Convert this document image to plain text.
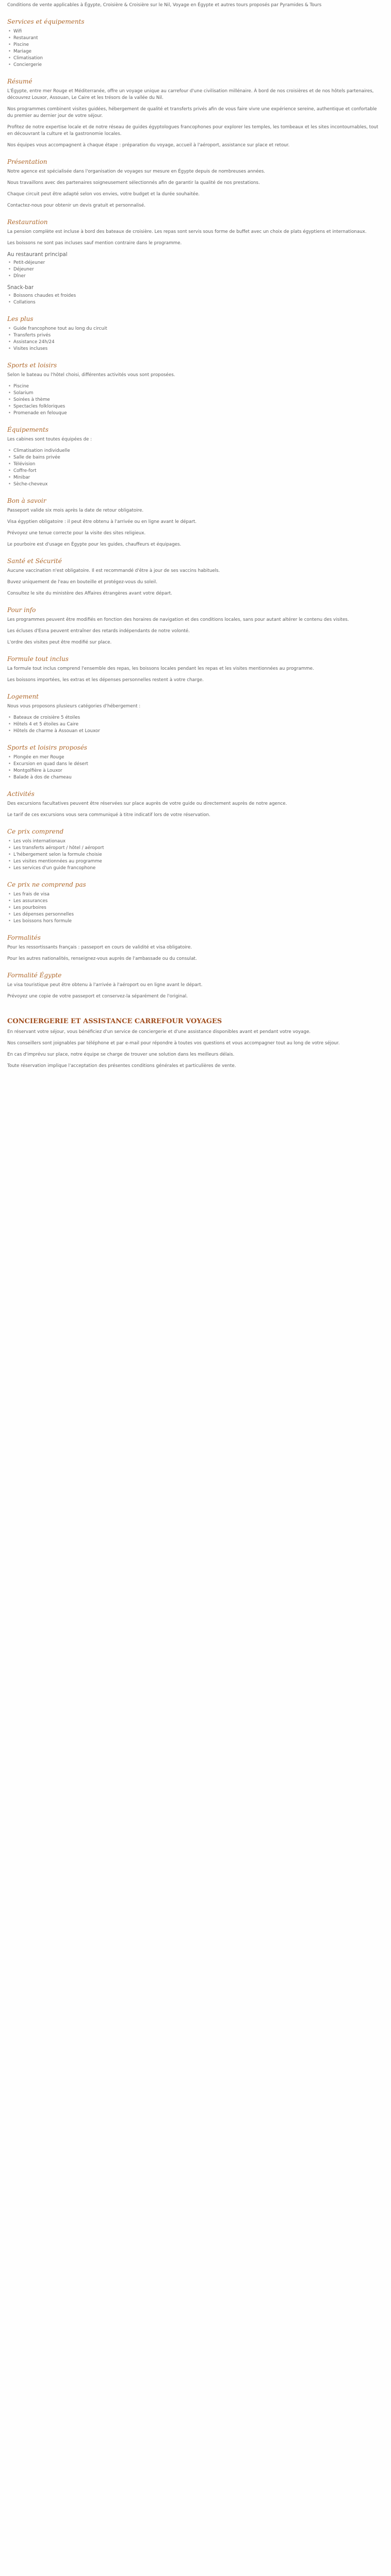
Conditions de vente applicables à Égypte, Croisière & Croisière sur le Nil, Voyage en Égypte et autres tours proposés par Pyramides & Tours

Services et équipements
• Wifi
• Restaurant
• Piscine
• Mariage
• Climatisation
• Conciergerie
Résumé

L'Égypte, entre mer Rouge et Méditerranée, offre un voyage unique au carrefour d'une civilisation millénaire. À bord de nos croisières et de nos hôtels partenaires, découvrez Louxor, Assouan, Le Caire et les trésors de la vallée du Nil.

Nos programmes combinent visites guidées, hébergement de qualité et transferts privés afin de vous faire vivre une expérience sereine, authentique et confortable du premier au dernier jour de votre séjour.

Profitez de notre expertise locale et de notre réseau de guides égyptologues francophones pour explorer les temples, les tombeaux et les sites incontournables, tout en découvrant la culture et la gastronomie locales.

Nos équipes vous accompagnent à chaque étape : préparation du voyage, accueil à l'aéroport, assistance sur place et retour.

Présentation

Notre agence est spécialisée dans l'organisation de voyages sur mesure en Égypte depuis de nombreuses années.

Nous travaillons avec des partenaires soigneusement sélectionnés afin de garantir la qualité de nos prestations.

Chaque circuit peut être adapté selon vos envies, votre budget et la durée souhaitée.

Contactez-nous pour obtenir un devis gratuit et personnalisé.

Restauration

La pension complète est incluse à bord des bateaux de croisière. Les repas sont servis sous forme de buffet avec un choix de plats égyptiens et internationaux.

Les boissons ne sont pas incluses sauf mention contraire dans le programme.

Au restaurant principal
• Petit-déjeuner
• Déjeuner
• Dîner
Snack-bar
• Boissons chaudes et froides
• Collations
Les plus
• Guide francophone tout au long du circuit
• Transferts privés
• Assistance 24h/24
• Visites incluses
Sports et loisirs

Selon le bateau ou l'hôtel choisi, différentes activités vous sont proposées.

• Piscine
• Solarium
• Soirées à thème
• Spectacles folkloriques
• Promenade en felouque
Équipements

Les cabines sont toutes équipées de :

• Climatisation individuelle
• Salle de bains privée
• Télévision
• Coffre-fort
• Minibar
• Sèche-cheveux
Bon à savoir

Passeport valide six mois après la date de retour obligatoire.

Visa égyptien obligatoire : il peut être obtenu à l'arrivée ou en ligne avant le départ.

Prévoyez une tenue correcte pour la visite des sites religieux.

Le pourboire est d'usage en Égypte pour les guides, chauffeurs et équipages.

Santé et Sécurité

Aucune vaccination n'est obligatoire. Il est recommandé d'être à jour de ses vaccins habituels.

Buvez uniquement de l'eau en bouteille et protégez-vous du soleil.

Consultez le site du ministère des Affaires étrangères avant votre départ.

Pour info

Les programmes peuvent être modifiés en fonction des horaires de navigation et des conditions locales, sans pour autant altérer le contenu des visites.

Les écluses d'Esna peuvent entraîner des retards indépendants de notre volonté.

L'ordre des visites peut être modifié sur place.

Formule tout inclus

La formule tout inclus comprend l'ensemble des repas, les boissons locales pendant les repas et les visites mentionnées au programme.

Les boissons importées, les extras et les dépenses personnelles restent à votre charge.

Logement

Nous vous proposons plusieurs catégories d'hébergement :

• Bateaux de croisière 5 étoiles
• Hôtels 4 et 5 étoiles au Caire
• Hôtels de charme à Assouan et Louxor
Sports et loisirs proposés
• Plongée en mer Rouge
• Excursion en quad dans le désert
• Montgolfière à Louxor
• Balade à dos de chameau
Activités

Des excursions facultatives peuvent être réservées sur place auprès de votre guide ou directement auprès de notre agence.

Le tarif de ces excursions vous sera communiqué à titre indicatif lors de votre réservation.

Ce prix comprend
• Les vols internationaux
• Les transferts aéroport / hôtel / aéroport
• L'hébergement selon la formule choisie
• Les visites mentionnées au programme
• Les services d'un guide francophone
Ce prix ne comprend pas
• Les frais de visa
• Les assurances
• Les pourboires
• Les dépenses personnelles
• Les boissons hors formule
Formalités

Pour les ressortissants français : passeport en cours de validité et visa obligatoire.

Pour les autres nationalités, renseignez-vous auprès de l'ambassade ou du consulat.

Formalité Égypte

Le visa touristique peut être obtenu à l'arrivée à l'aéroport ou en ligne avant le départ.

Prévoyez une copie de votre passeport et conservez-la séparément de l'original.

CONCIERGERIE ET ASSISTANCE CARREFOUR VOYAGES

En réservant votre séjour, vous bénéficiez d'un service de conciergerie et d'une assistance disponibles avant et pendant votre voyage.

Nos conseillers sont joignables par téléphone et par e-mail pour répondre à toutes vos questions et vous accompagner tout au long de votre séjour.

En cas d'imprévu sur place, notre équipe se charge de trouver une solution dans les meilleurs délais.

Toute réservation implique l'acceptation des présentes conditions générales et particulières de vente.
